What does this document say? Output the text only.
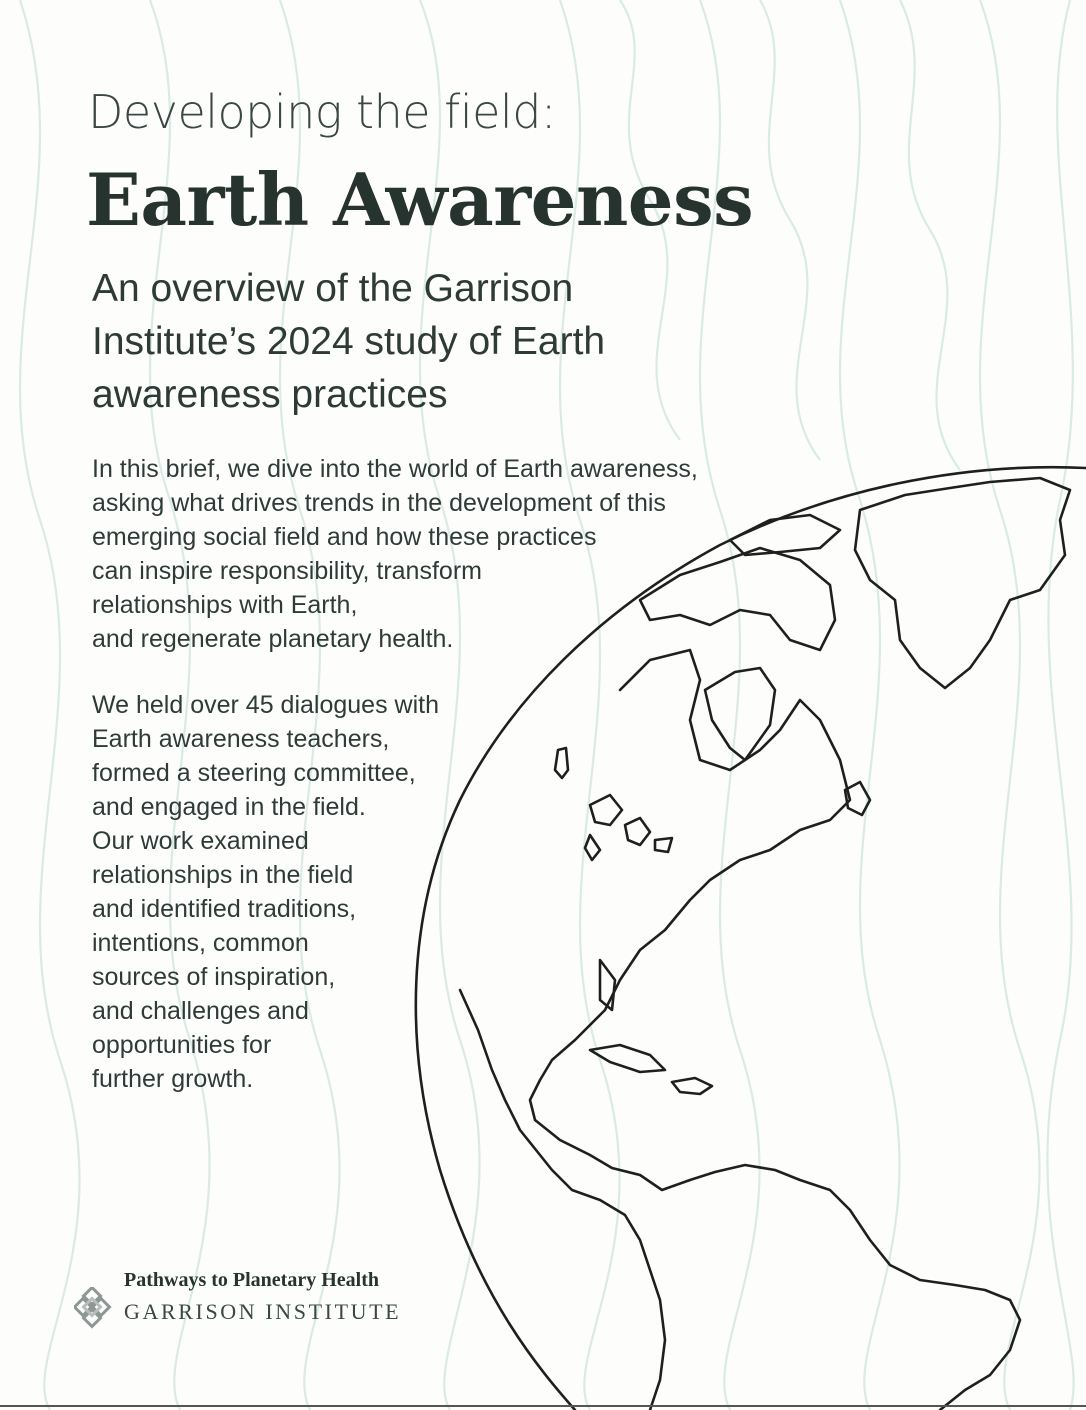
Developing the field:
Earth Awareness
An overview of the Garrison
Institute’s 2024 study of Earth
awareness practices

In this brief, we dive into the world of Earth awareness,
asking what drives trends in the development of this
emerging social field and how these practices
can inspire responsibility, transform
relationships with Earth,
and regenerate planetary health.

We held over 45 dialogues with
Earth awareness teachers,
formed a steering committee,
and engaged in the field.
Our work examined
relationships in the field
and identified traditions,
intentions, common
sources of inspiration,
and challenges and
opportunities for
further growth.

Pathways to Planetary Health
GARRISON INSTITUTE
